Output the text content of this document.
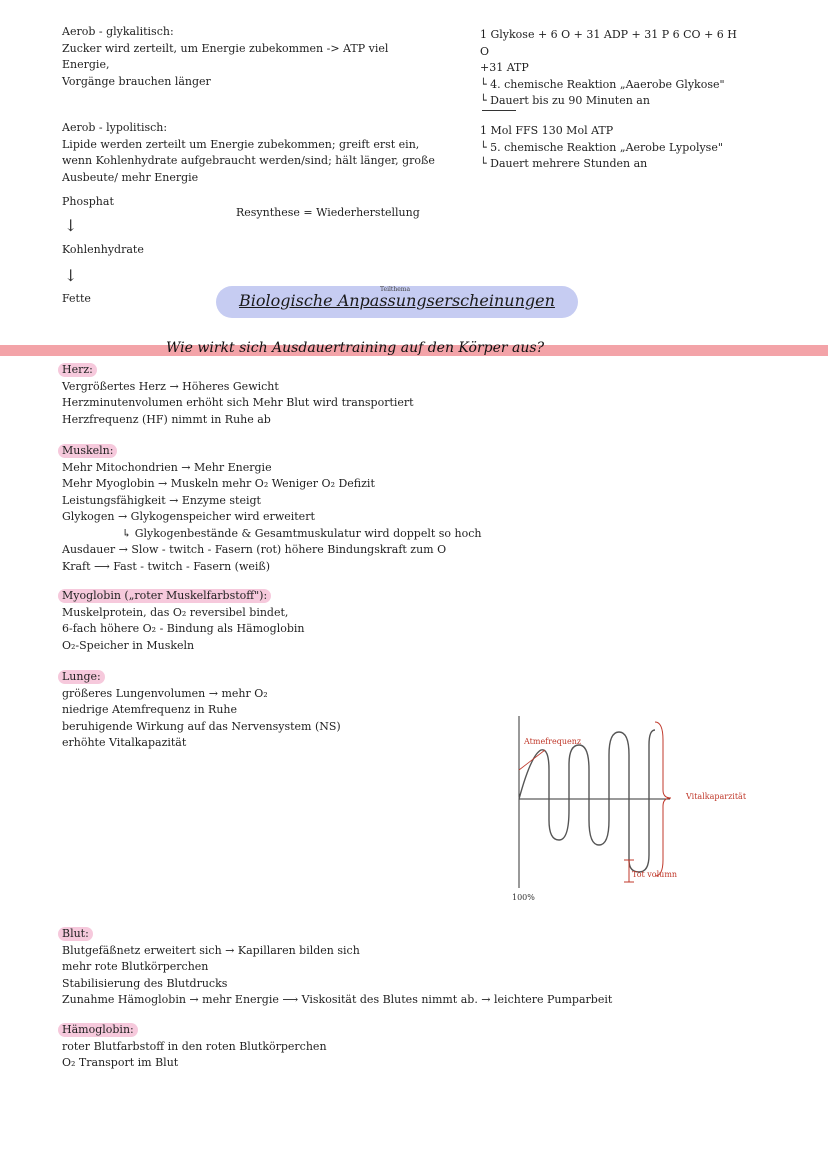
Aerob - glykalitisch:
Zucker wird zerteilt, um Energie zubekommen -> ATP viel
Energie,
Vorgänge brauchen länger
Aerob - lypolitisch:
Lipide werden zerteilt um Energie zubekommen; greift erst ein,
wenn Kohlenhydrate aufgebraucht werden/sind; hält länger, große
Ausbeute/ mehr Energie
Phosphat
↓
Kohlenhydrate
↓
Fette
Resynthese = Wiederherstellung
1 Glykose + 6 O + 31 ADP + 31 P 6 CO + 6 H
O
+31 ATP
└ 4. chemische Reaktion „Aaerobe Glykose"
└ Dauert bis zu 90 Minuten an
1 Mol FFS 130 Mol ATP
└ 5. chemische Reaktion „Aerobe Lypolyse"
└ Dauert mehrere Stunden an
Teilthema
Biologische Anpassungserscheinungen
Wie wirkt sich Ausdauertraining auf den Körper aus?
Herz:
Vergrößertes Herz → Höheres Gewicht
Herzminutenvolumen erhöht sich Mehr Blut wird transportiert
Herzfrequenz (HF) nimmt in Ruhe ab
Muskeln:
Mehr Mitochondrien → Mehr Energie
Mehr Myoglobin → Muskeln mehr O₂ Weniger O₂ Defizit
Leistungsfähigkeit → Enzyme steigt
Glykogen → Glykogenspeicher wird erweitert
↳ Glykogenbestände & Gesamtmuskulatur wird doppelt so hoch
Ausdauer → Slow - twitch - Fasern (rot) höhere Bindungskraft zum O
Kraft ⟶ Fast - twitch - Fasern (weiß)
Myoglobin („roter Muskelfarbstoff"):
Muskelprotein, das O₂ reversibel bindet,
6-fach höhere O₂ - Bindung als Hämoglobin
O₂-Speicher in Muskeln
Lunge:
größeres Lungenvolumen → mehr O₂
niedrige Atemfrequenz in Ruhe
beruhigende Wirkung auf das Nervensystem (NS)
erhöhte Vitalkapazität	Atmefrequenz
Vitalkaparzität
Tot volumn
100%
Blut:
Blutgefäßnetz erweitert sich → Kapillaren bilden sich
mehr rote Blutkörperchen
Stabilisierung des Blutdrucks
Zunahme Hämoglobin → mehr Energie ⟶ Viskosität des Blutes nimmt ab. → leichtere Pumparbeit
Hämoglobin:
roter Blutfarbstoff in den roten Blutkörperchen
O₂ Transport im Blut
